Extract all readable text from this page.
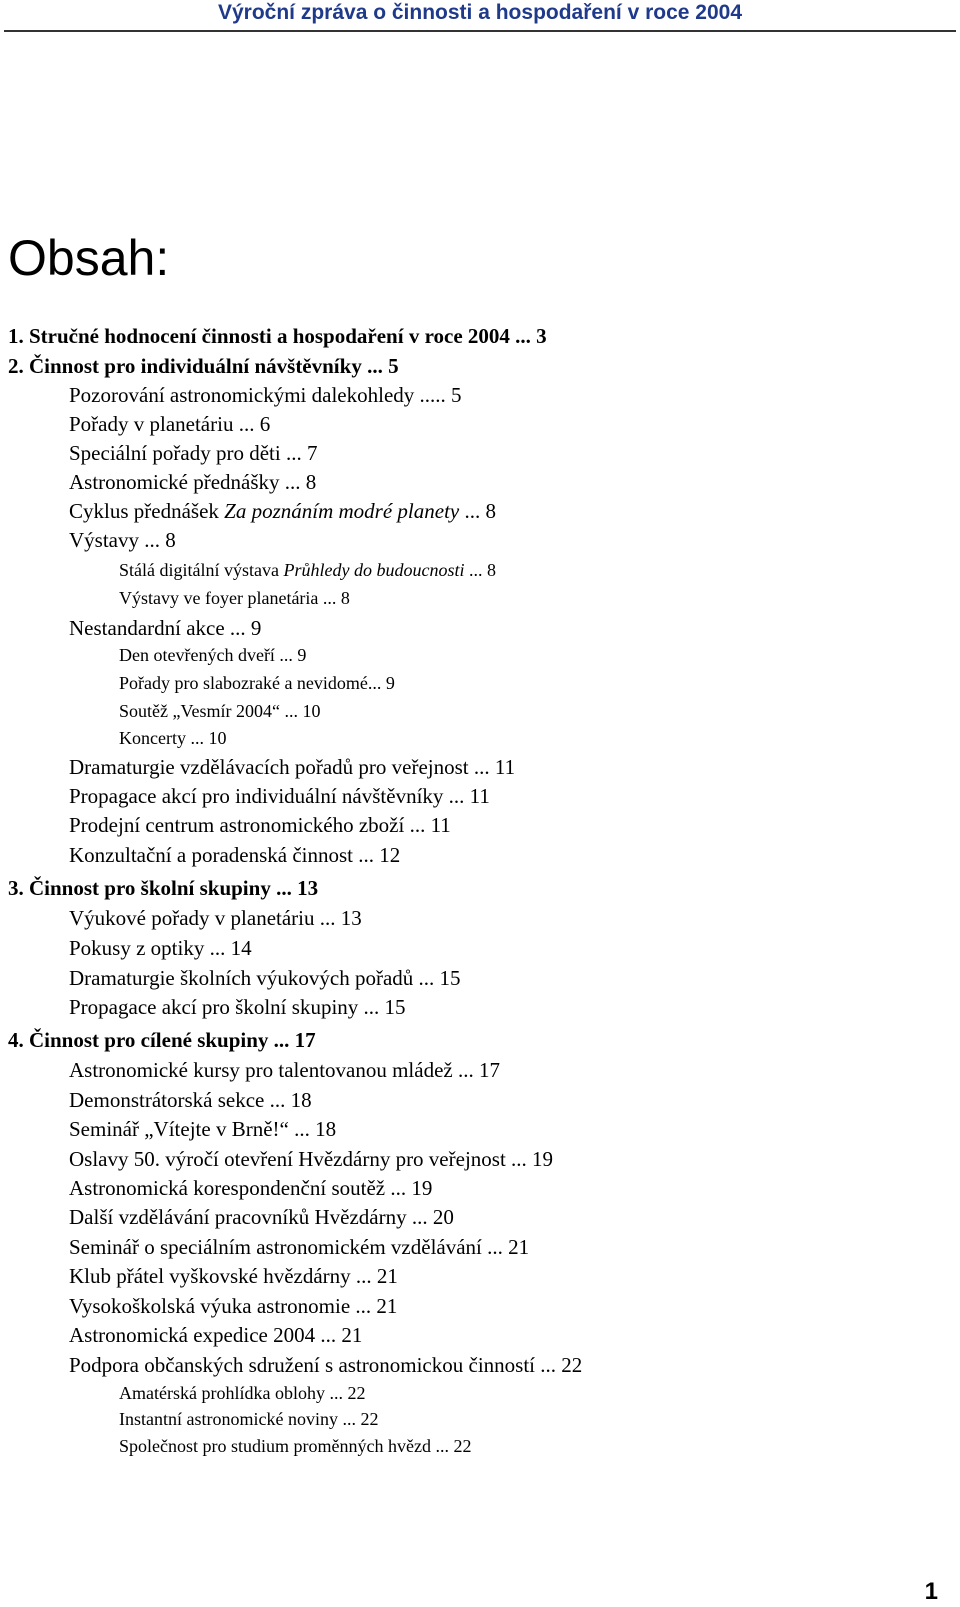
Výroční zpráva o činnosti a hospodaření v roce 2004
Obsah:
1. Stručné hodnocení činnosti a hospodaření v roce 2004 ... 3
2. Činnost pro individuální návštěvníky ... 5
Pozorování astronomickými dalekohledy ..... 5
Pořady v planetáriu ... 6
Speciální pořady pro děti ... 7
Astronomické přednášky ... 8
Cyklus přednášek Za poznáním modré planety ... 8
Výstavy ... 8
Stálá digitální výstava Průhledy do budoucnosti ... 8
Výstavy ve foyer planetária ... 8
Nestandardní akce ... 9
Den otevřených dveří ... 9
Pořady pro slabozraké a nevidomé... 9
Soutěž „Vesmír 2004“ ... 10
Koncerty ... 10
Dramaturgie vzdělávacích pořadů pro veřejnost ... 11
Propagace akcí pro individuální návštěvníky ... 11
Prodejní centrum astronomického zboží ... 11
Konzultační a poradenská činnost ... 12
3. Činnost pro školní skupiny ... 13
Výukové pořady v planetáriu ... 13
Pokusy z optiky ... 14
Dramaturgie školních výukových pořadů ... 15
Propagace akcí pro školní skupiny ... 15
4. Činnost pro cílené skupiny ... 17
Astronomické kursy pro talentovanou mládež ... 17
Demonstrátorská sekce ... 18
Seminář „Vítejte v Brně!“ ... 18
Oslavy 50. výročí otevření Hvězdárny pro veřejnost ... 19
Astronomická korespondenční soutěž ... 19
Další vzdělávání pracovníků Hvězdárny ... 20
Seminář o speciálním astronomickém vzdělávání ... 21
Klub přátel vyškovské hvězdárny ... 21
Vysokoškolská výuka astronomie ... 21
Astronomická expedice 2004 ... 21
Podpora občanských sdružení s astronomickou činností ... 22
Amatérská prohlídka oblohy ... 22
Instantní astronomické noviny ... 22
Společnost pro studium proměnných hvězd ... 22
1
